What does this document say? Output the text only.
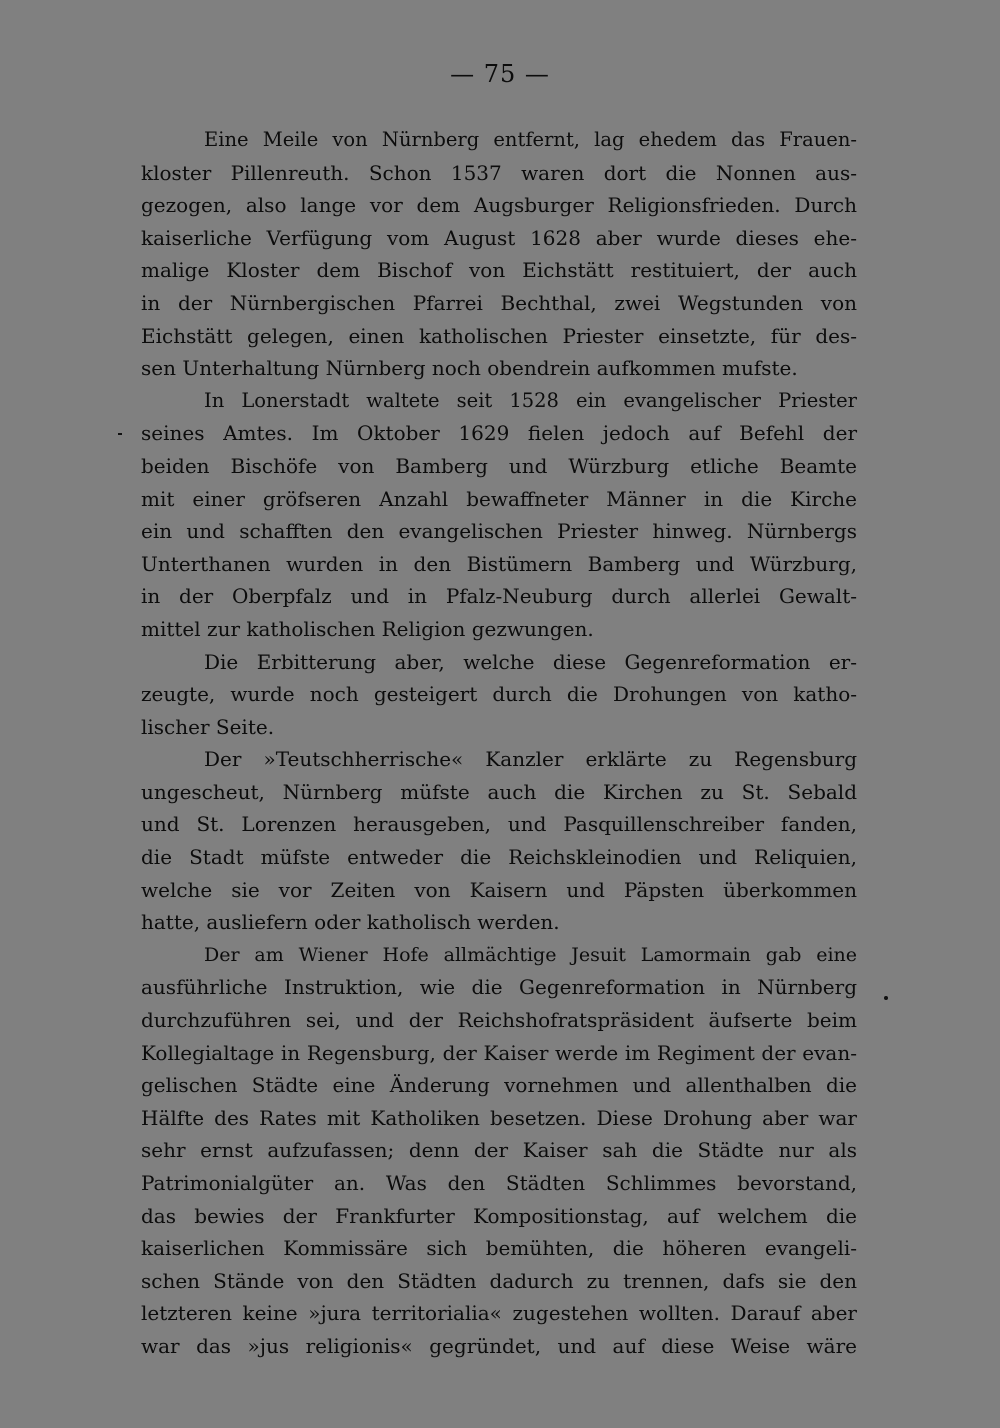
— 75 —
Eine Meile von Nürnberg entfernt, lag ehedem das Frauen-
kloster Pillenreuth. Schon 1537 waren dort die Nonnen aus-
gezogen, also lange vor dem Augsburger Religionsfrieden. Durch
kaiserliche Verfügung vom August 1628 aber wurde dieses ehe-
malige Kloster dem Bischof von Eichstätt restituiert, der auch
in der Nürnbergischen Pfarrei Bechthal, zwei Wegstunden von
Eichstätt gelegen, einen katholischen Priester einsetzte, für des-
sen Unterhaltung Nürnberg noch obendrein aufkommen mufste.
In Lonerstadt waltete seit 1528 ein evangelischer Priester
seines Amtes. Im Oktober 1629 fielen jedoch auf Befehl der
beiden Bischöfe von Bamberg und Würzburg etliche Beamte
mit einer gröfseren Anzahl bewaffneter Männer in die Kirche
ein und schafften den evangelischen Priester hinweg. Nürnbergs
Unterthanen wurden in den Bistümern Bamberg und Würzburg,
in der Oberpfalz und in Pfalz-Neuburg durch allerlei Gewalt-
mittel zur katholischen Religion gezwungen.
Die Erbitterung aber, welche diese Gegenreformation er-
zeugte, wurde noch gesteigert durch die Drohungen von katho-
lischer Seite.
Der »Teutschherrische« Kanzler erklärte zu Regensburg
ungescheut, Nürnberg müfste auch die Kirchen zu St. Sebald
und St. Lorenzen herausgeben, und Pasquillenschreiber fanden,
die Stadt müfste entweder die Reichskleinodien und Reliquien,
welche sie vor Zeiten von Kaisern und Päpsten überkommen
hatte, ausliefern oder katholisch werden.
Der am Wiener Hofe allmächtige Jesuit Lamormain gab eine
ausführliche Instruktion, wie die Gegenreformation in Nürnberg
durchzuführen sei, und der Reichshofratspräsident äufserte beim
Kollegialtage in Regensburg, der Kaiser werde im Regiment der evan-
gelischen Städte eine Änderung vornehmen und allenthalben die
Hälfte des Rates mit Katholiken besetzen. Diese Drohung aber war
sehr ernst aufzufassen; denn der Kaiser sah die Städte nur als
Patrimonialgüter an. Was den Städten Schlimmes bevorstand,
das bewies der Frankfurter Kompositionstag, auf welchem die
kaiserlichen Kommissäre sich bemühten, die höheren evangeli-
schen Stände von den Städten dadurch zu trennen, dafs sie den
letzteren keine »jura territorialia« zugestehen wollten. Darauf aber
war das »jus religionis« gegründet, und auf diese Weise wäre
